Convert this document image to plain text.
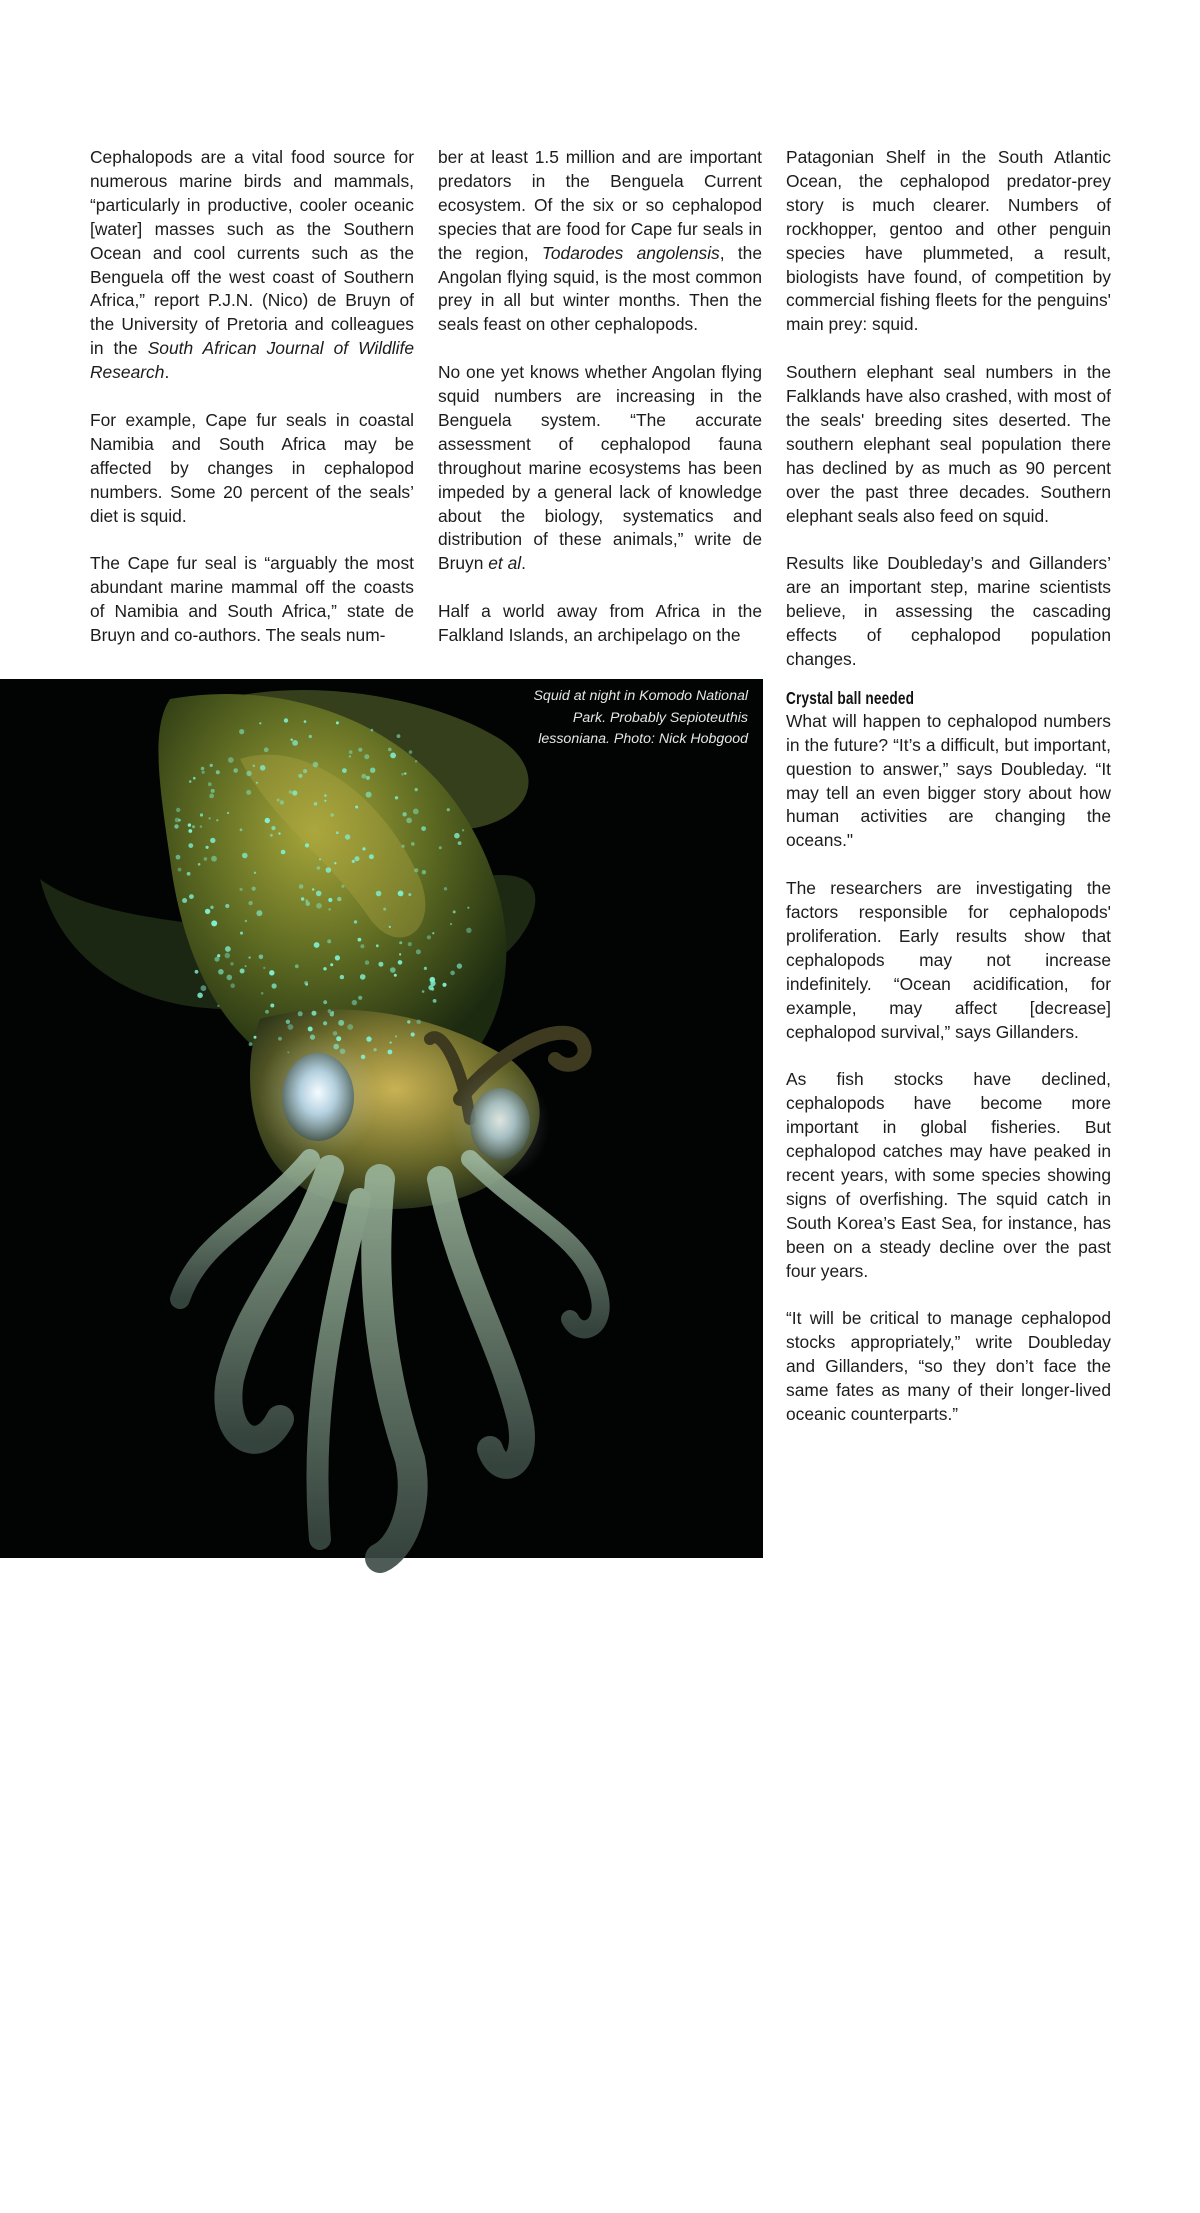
Cephalopods are a vital food source for numerous marine birds and mammals, “particularly in productive, cooler oceanic [water] masses such as the Southern Ocean and cool currents such as the Benguela off the west coast of Southern Africa,” report P.J.N. (Nico) de Bruyn of the University of Pretoria and colleagues in the South African Journal of Wildlife Research.

For example, Cape fur seals in coastal Namibia and South Africa may be affected by changes in cephalopod numbers. Some 20 percent of the seals’ diet is squid.

The Cape fur seal is “arguably the most abundant marine mammal off the coasts of Namibia and South Africa,” state de Bruyn and co-authors. The seals num-

ber at least 1.5 million and are important predators in the Benguela Current ecosystem. Of the six or so cephalopod species that are food for Cape fur seals in the region, Todarodes angolensis, the Angolan flying squid, is the most common prey in all but winter months. Then the seals feast on other cephalopods.

No one yet knows whether Angolan flying squid numbers are increasing in the Benguela system. “The accurate assessment of cephalopod fauna throughout marine ecosystems has been impeded by a general lack of knowledge about the biology, systematics and distribution of these animals,” write de Bruyn et al.

Half a world away from Africa in the Falkland Islands, an archipelago on the

Patagonian Shelf in the South Atlantic Ocean, the cephalopod predator-prey story is much clearer. Numbers of rockhopper, gentoo and other penguin species have plummeted, a result, biologists have found, of competition by commercial fishing fleets for the penguins' main prey: squid.

Southern elephant seal numbers in the Falklands have also crashed, with most of the seals' breeding sites deserted. The southern elephant seal population there has declined by as much as 90 percent over the past three decades. Southern elephant seals also feed on squid.

Results like Doubleday’s and Gillanders’ are an important step, marine scientists believe, in assessing the cascading effects of cephalopod population changes.

Crystal ball needed

What will happen to cephalopod numbers in the future? “It’s a difficult, but important, question to answer,” says Doubleday. “It may tell an even bigger story about how human activities are changing the oceans."

The researchers are investigating the factors responsible for cephalopods' proliferation. Early results show that cephalopods may not increase indefinitely. “Ocean acidification, for example, may affect [decrease] cephalopod survival,” says Gillanders.

As fish stocks have declined, cephalopods have become more important in global fisheries. But cephalopod catches may have peaked in recent years, with some species showing signs of overfishing. The squid catch in South Korea’s East Sea, for instance, has been on a steady decline over the past four years.

“It will be critical to manage cephalopod stocks appropriately,” write Doubleday and Gillanders, “so they don’t face the same fates as many of their longer-lived oceanic counterparts.”

Squid at night in Komodo National Park. Probably Sepioteuthis lessoniana. Photo: Nick Hobgood
24 eco JULY / AUGUST 2019
